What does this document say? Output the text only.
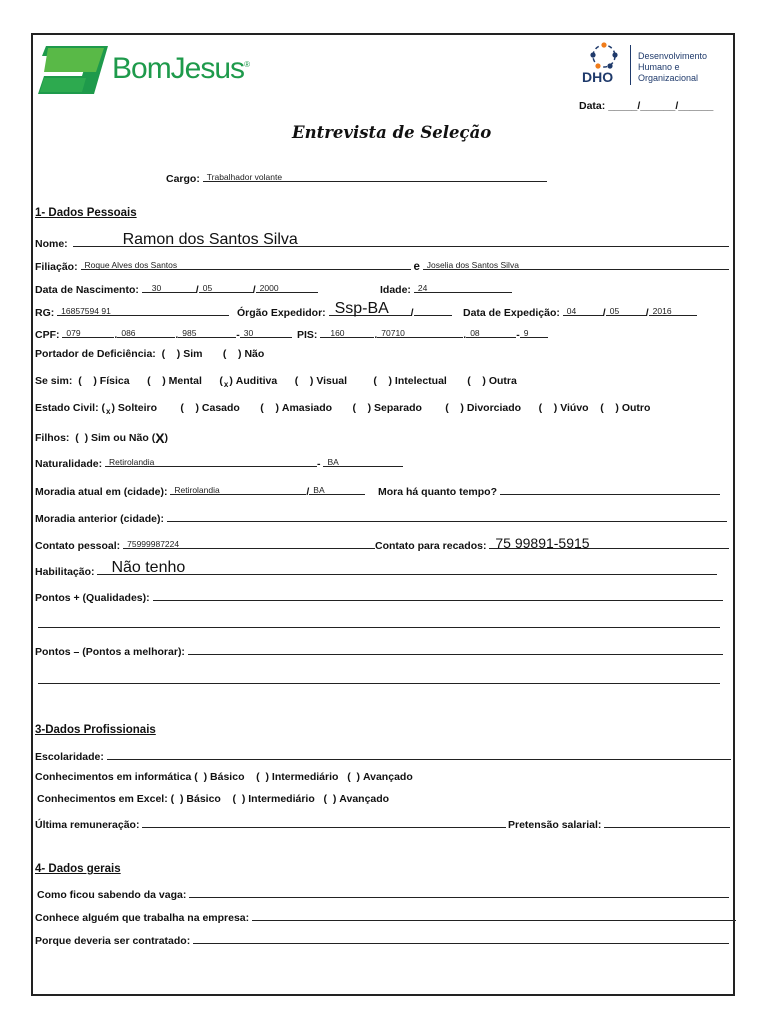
BomJesus®
DHO
Desenvolvimento
Humano e
Organizacional
Data: _____/______/______
Entrevista de Seleção
Cargo: Trabalhador volante
1- Dados Pessoais
Nome:	Ramon dos Santos Silva
Filiação: Roque Alves dos Santos	e Joselia dos Santos Silva
Data de Nascimento: 30	/ 05	/ 2000	Idade: 24
RG: 16857594 91	Órgão Expedidor: Ssp-BA /	Data de Expedição: 04	/ 05	/ 2016
CPF: 079	. 086	. 985	- 30	PIS: 160	. 70710	. 08	- 9
Portador de Deficiência:  (    ) Sim       (    ) Não
Se sim:  (    ) Física      (    ) Mental      (x) Auditiva      (    ) Visual         (    ) Intelectual       (    ) Outra
Estado Civil: (x) Solteiro        (    ) Casado       (    ) Amasiado       (    ) Separado        (    ) Divorciado      (    ) Viúvo    (    ) Outro
Filhos:  (  ) Sim ou Não (X)
Naturalidade: Retirolandia	- BA
Moradia atual em (cidade): Retirolandia	/ BA	Mora há quanto tempo?
Moradia anterior (cidade):
Contato pessoal: 75999987224	Contato para recados: 75 99891-5915
Habilitação: Não tenho
Pontos + (Qualidades):
Pontos – (Pontos a melhorar):
3-Dados Profissionais
Escolaridade:
Conhecimentos em informática (  ) Básico    (  ) Intermediário   (  ) Avançado
Conhecimentos em Excel: (  ) Básico    (  ) Intermediário   (  ) Avançado
Última remuneração:	Pretensão salarial:
4- Dados gerais
Como ficou sabendo da vaga:
Conhece alguém que trabalha na empresa:
Porque deveria ser contratado:
